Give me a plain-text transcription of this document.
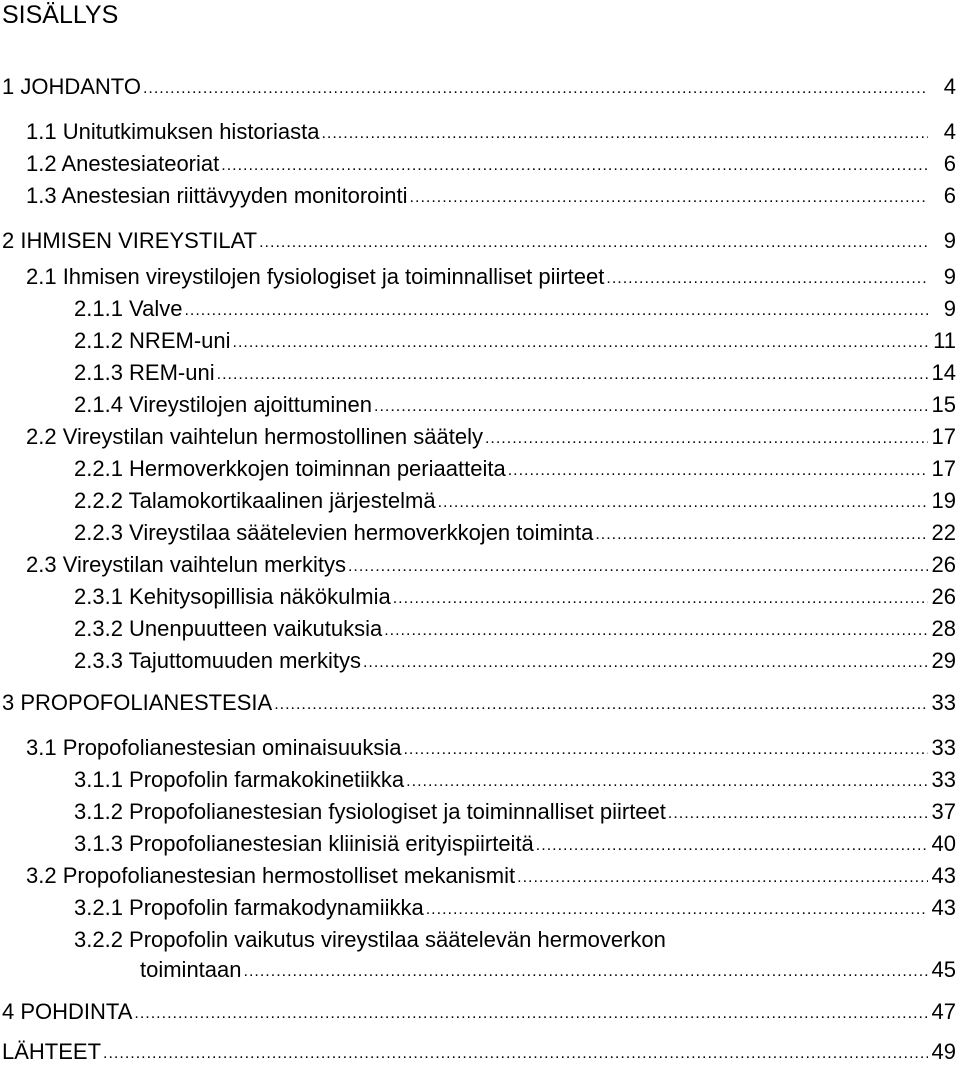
SISÄLLYS
1 JOHDANTO .....	4
1.1 Unitutkimuksen historiasta .....	4
1.2 Anestesiateoriat .....	6
1.3 Anestesian riittävyyden monitorointi .....	6
2 IHMISEN VIREYSTILAT .....	9
2.1 Ihmisen vireystilojen fysiologiset ja toiminnalliset piirteet .....	9
2.1.1 Valve .....	9
2.1.2 NREM-uni .....	11
2.1.3 REM-uni .....	14
2.1.4 Vireystilojen ajoittuminen .....	15
2.2 Vireystilan vaihtelun hermostollinen säätely .....	17
2.2.1 Hermoverkkojen toiminnan periaatteita .....	17
2.2.2 Talamokortikaalinen järjestelmä .....	19
2.2.3 Vireystilaa säätelevien hermoverkkojen toiminta .....	22
2.3 Vireystilan vaihtelun merkitys .....	26
2.3.1 Kehitysopillisia näkökulmia .....	26
2.3.2 Unenpuutteen vaikutuksia .....	28
2.3.3 Tajuttomuuden merkitys .....	29
3 PROPOFOLIANESTESIA .....	33
3.1 Propofolianestesian ominaisuuksia .....	33
3.1.1 Propofolin farmakokinetiikka .....	33
3.1.2 Propofolianestesian fysiologiset ja toiminnalliset piirteet .....	37
3.1.3 Propofolianestesian kliinisiä erityispiirteitä .....	40
3.2 Propofolianestesian hermostolliset mekanismit .....	43
3.2.1 Propofolin farmakodynamiikka .....	43
3.2.2 Propofolin vaikutus vireystilaa säätelevän hermoverkon
toimintaan .....	45
4 POHDINTA .....	47
LÄHTEET .....	49
